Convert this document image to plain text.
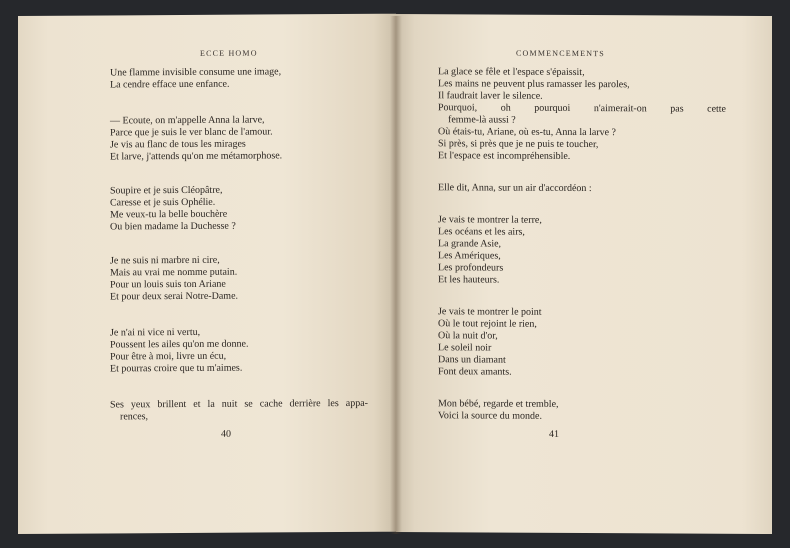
ECCE HOMO
Une flamme invisible consume une image,
La cendre efface une enfance.
— Ecoute, on m'appelle Anna la larve,
Parce que je suis le ver blanc de l'amour.
Je vis au flanc de tous les mirages
Et larve, j'attends qu'on me métamorphose.
Soupire et je suis Cléopâtre,
Caresse et je suis Ophélie.
Me veux-tu la belle bouchère
Ou bien madame la Duchesse ?
Je ne suis ni marbre ni cire,
Mais au vrai me nomme putain.
Pour un louis suis ton Ariane
Et pour deux serai Notre-Dame.
Je n'ai ni vice ni vertu,
Poussent les ailes qu'on me donne.
Pour être à moi, livre un écu,
Et pourras croire que tu m'aimes.
Ses yeux brillent et la nuit se cache derrière les appa-
rences,
40
COMMENCEMENTS
La glace se fêle et l'espace s'épaissit,
Les mains ne peuvent plus ramasser les paroles,
Il faudrait laver le silence.
Pourquoi, oh pourquoi n'aimerait-on pas cette
femme-là aussi ?
Où étais-tu, Ariane, où es-tu, Anna la larve ?
Si près, si près que je ne puis te toucher,
Et l'espace est incompréhensible.
Elle dit, Anna, sur un air d'accordéon :
Je vais te montrer la terre,
Les océans et les airs,
La grande Asie,
Les Amériques,
Les profondeurs
Et les hauteurs.
Je vais te montrer le point
Où le tout rejoint le rien,
Où la nuit d'or,
Le soleil noir
Dans un diamant
Font deux amants.
Mon bébé, regarde et tremble,
Voici la source du monde.
41
